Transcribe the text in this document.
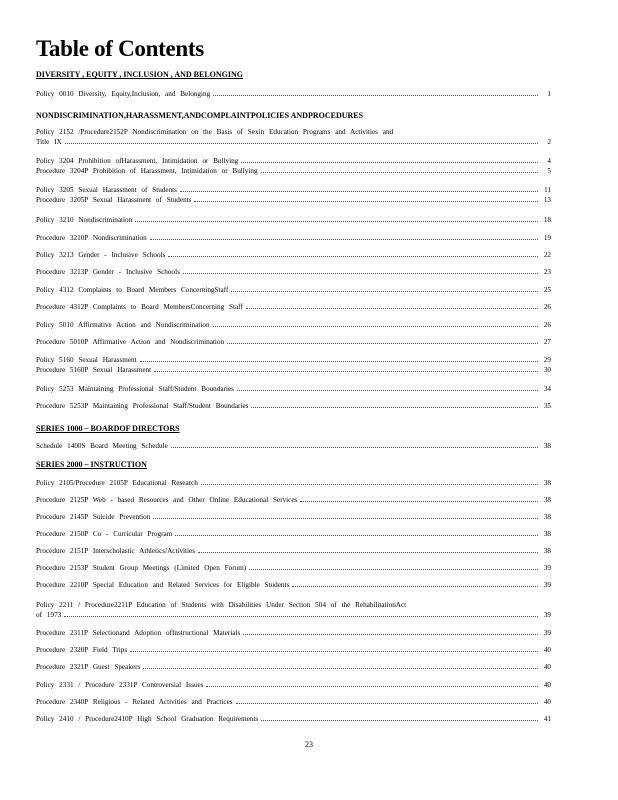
Table of Contents
DIVERSITY , EQUITY , INCLUSION , AND BELONGING
Policy 0010 Diversity, Equity,Inclusion, and Belonging	1
NONDISCRIMINATION,HARASSMENT,ANDCOMPLAINTPOLICIES ANDPROCEDURES
Policy 2152 /Procedure2152P Nondiscrimination on the Basis of Sexin Education Programs and Activities and
Title IX	2
Policy 3204 Prohibition ofHarassment, Intimidation or Bullying	4
Procedure 3204P Prohibition of Harassment, Intimidation or Bullying	5
Policy 3205 Sexual Harassment of Students	11
Procedure 3205P Sexual Harassment of Students	13
Policy 3210 Nondiscrimination	18
Procedure 3210P Nondiscrimination	19
Policy 3213 Gender - Inclusive Schools	22
Procedure 3213P Gender - Inclusive Schools	23
Policy 4312 Complaints to Board Members ConcerningStaff	25
Procedure 4312P Complaints to Board MembersConcerning Staff	26
Policy 5010 Affirmative Action and Nondiscrimination	26
Procedure 5010P Affirmative Action and Nondiscrimination	27
Policy 5160 Sexual Harassment	29
Procedure 5160P Sexual Harassment	30
Policy 5253 Maintaining Professional Staff/Student Boundaries	34
Procedure 5253P Maintaining Professional Staff/Student Boundaries	35
SERIES 1000 – BOARDOF DIRECTORS
Schedule 1400S Board Meeting Schedule	38
SERIES 2000 – INSTRUCTION
Policy 2105/Procedure 2105P Educational Research	38
Procedure 2125P Web - based Resources and Other Online Educational Services	38
Procedure 2145P Suicide Prevention	38
Procedure 2150P Co - Curricular Program	38
Procedure 2151P Interscholastic Athletics/Activities	38
Procedure 2153P Student Group Meetings (Limited Open Forum)	39
Procedure 2210P Special Education and Related Services for Eligible Students	39
Policy 2211 / Procedure2211P Education of Students with Disabilities Under Section 504 of the RehabilitationAct
of 1973	39
Procedure 2311P Selectionand Adoption ofInstructional Materials	39
Procedure 2320P Field Trips	40
Procedure 2321P Guest Speakers	40
Policy 2331 / Procedure 2331P Controversial Issues	40
Procedure 2340P Religious - Related Activities and Practices	40
Policy 2410 / Procedure2410P High School Graduation Requirements	41
23
